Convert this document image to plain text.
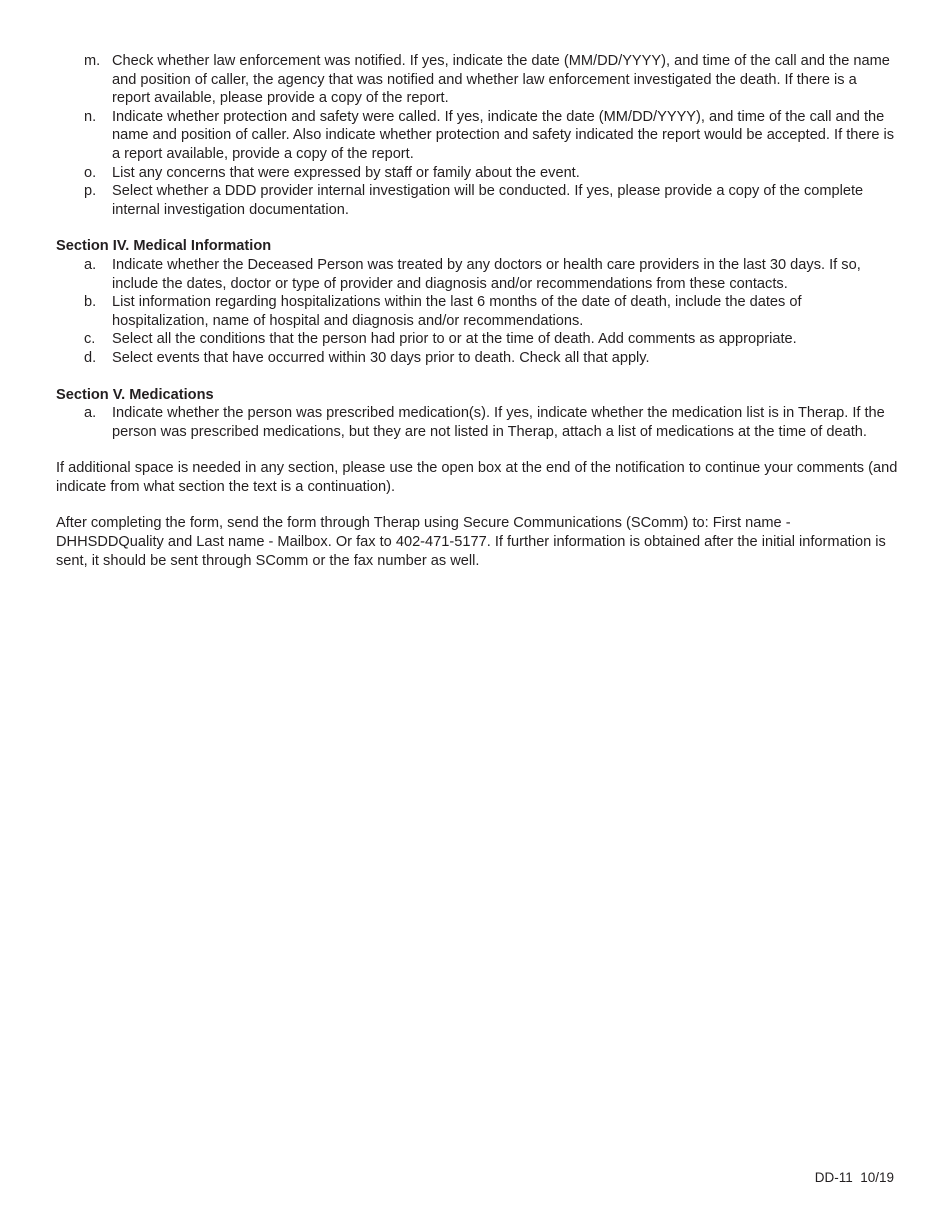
m. Check whether law enforcement was notified. If yes, indicate the date (MM/DD/YYYY), and time of the call and the name and position of caller, the agency that was notified and whether law enforcement investigated the death. If there is a report available, please provide a copy of the report.
n.	Indicate whether protection and safety were called. If yes, indicate the date (MM/DD/YYYY), and time of the call and the name and position of caller. Also indicate whether protection and safety indicated the report would be accepted. If there is a report available, provide a copy of the report.
o.	List any concerns that were expressed by staff or family about the event.
p.	Select whether a DDD provider internal investigation will be conducted. If yes, please provide a copy of the complete internal investigation documentation.
Section IV. Medical Information
a.	Indicate whether the Deceased Person was treated by any doctors or health care providers in the last 30 days. If so, include the dates, doctor or type of provider and diagnosis and/or recommendations from these contacts.
b.	List information regarding hospitalizations within the last 6 months of the date of death, include the dates of hospitalization, name of hospital and diagnosis and/or recommendations.
c.	Select all the conditions that the person had prior to or at the time of death. Add comments as appropriate.
d.	Select events that have occurred within 30 days prior to death. Check all that apply.
Section V. Medications
a.	Indicate whether the person was prescribed medication(s). If yes, indicate whether the medication list is in Therap. If the person was prescribed medications, but they are not listed in Therap, attach a list of medications at the time of death.

If additional space is needed in any section, please use the open box at the end of the notification to continue your comments (and indicate from what section the text is a continuation).

After completing the form, send the form through Therap using Secure Communications (SComm) to: First name - DHHSDDQuality and Last name - Mailbox. Or fax to 402-471-5177. If further information is obtained after the initial information is sent, it should be sent through SComm or the fax number as well.

DD-11  10/19
